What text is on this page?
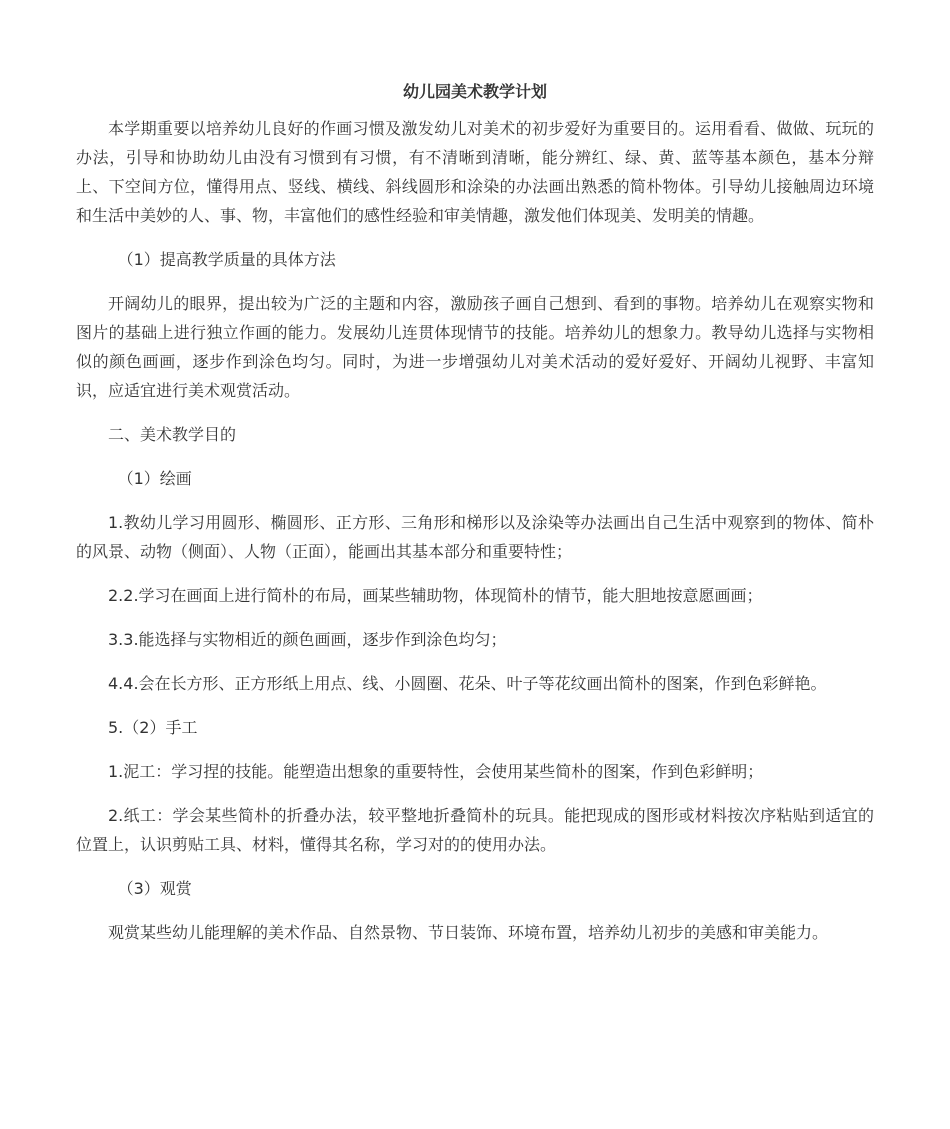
幼儿园美术教学计划

本学期重要以培养幼儿良好的作画习惯及激发幼儿对美术的初步爱好为重要目的。运用看看、做做、玩玩的办法，引导和协助幼儿由没有习惯到有习惯，有不清晰到清晰，能分辨红、绿、黄、蓝等基本颜色，基本分辩上、下空间方位，懂得用点、竖线、横线、斜线圆形和涂染的办法画出熟悉的简朴物体。引导幼儿接触周边环境和生活中美妙的人、事、物，丰富他们的感性经验和审美情趣，激发他们体现美、发明美的情趣。

（1）提高教学质量的具体方法

开阔幼儿的眼界，提出较为广泛的主题和内容，激励孩子画自己想到、看到的事物。培养幼儿在观察实物和图片的基础上进行独立作画的能力。发展幼儿连贯体现情节的技能。培养幼儿的想象力。教导幼儿选择与实物相似的颜色画画，逐步作到涂色均匀。同时，为进一步增强幼儿对美术活动的爱好爱好、开阔幼儿视野、丰富知识，应适宜进行美术观赏活动。

二、美术教学目的

（1）绘画

1.教幼儿学习用圆形、椭圆形、正方形、三角形和梯形以及涂染等办法画出自己生活中观察到的物体、简朴的风景、动物（侧面）、人物（正面），能画出其基本部分和重要特性；

2.2.学习在画面上进行简朴的布局，画某些辅助物，体现简朴的情节，能大胆地按意愿画画；

3.3.能选择与实物相近的颜色画画，逐步作到涂色均匀；

4.4.会在长方形、正方形纸上用点、线、小圆圈、花朵、叶子等花纹画出简朴的图案，作到色彩鲜艳。

5.（2）手工

1.泥工：学习捏的技能。能塑造出想象的重要特性，会使用某些简朴的图案，作到色彩鲜明；

2.纸工：学会某些简朴的折叠办法，较平整地折叠简朴的玩具。能把现成的图形或材料按次序粘贴到适宜的位置上，认识剪贴工具、材料，懂得其名称，学习对的的使用办法。

（3）观赏

观赏某些幼儿能理解的美术作品、自然景物、节日装饰、环境布置，培养幼儿初步的美感和审美能力。
